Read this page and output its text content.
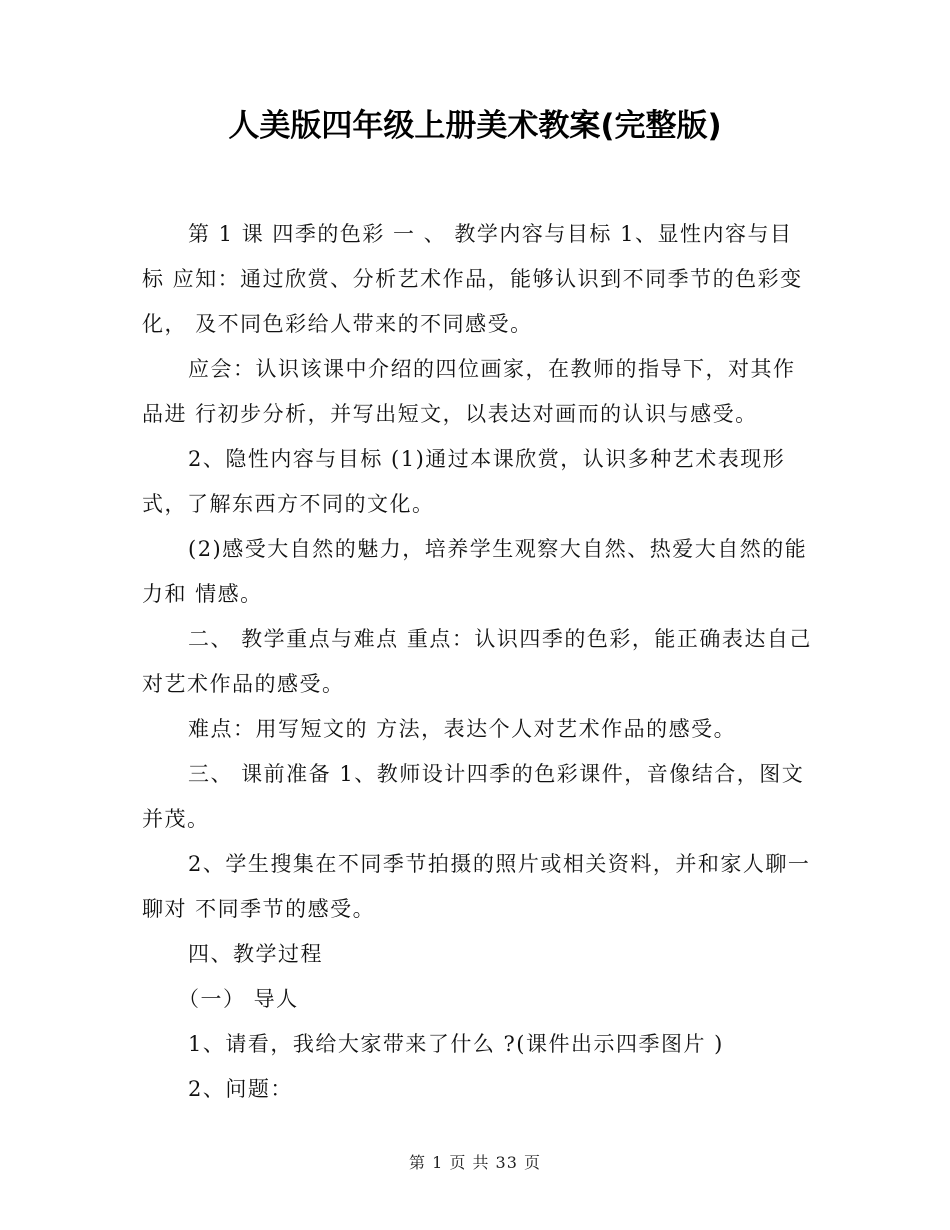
人美版四年级上册美术教案(完整版)

第 1 课 四季的色彩 一 、 教学内容与目标 1、显性内容与目标 应知：通过欣赏、分析艺术作品，能够认识到不同季节的色彩变化， 及不同色彩给人带来的不同感受。

应会：认识该课中介绍的四位画家，在教师的指导下，对其作品进 行初步分析，并写出短文，以表达对画而的认识与感受。

2、隐性内容与目标 (1)通过本课欣赏，认识多种艺术表现形式，了解东西方不同的文化。

(2)感受大自然的魅力，培养学生观察大自然、热爱大自然的能力和 情感。

二、 教学重点与难点 重点：认识四季的色彩，能正确表达自己对艺术作品的感受。

难点：用写短文的 方法，表达个人对艺术作品的感受。

三、 课前准备 1、教师设计四季的色彩课件，音像结合，图文并茂。

2、学生搜集在不同季节拍摄的照片或相关资料，并和家人聊一聊对 不同季节的感受。

四、教学过程

（一） 导人

1、请看，我给大家带来了什么 ?(课件出示四季图片 )

2、问题：

第 1 页 共 33 页
